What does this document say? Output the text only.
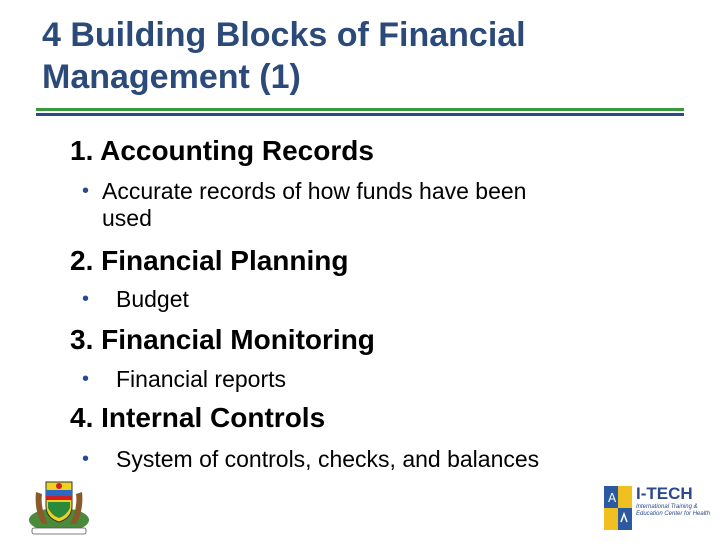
4 Building Blocks of Financial
Management (1)
1. Accounting Records
• Accurate records of how funds have been
used
2. Financial Planning
• Budget
3. Financial Monitoring
• Financial reports
4. Internal Controls
• System of controls, checks, and balances
A I-TECH
International Training & Education Center for Health
